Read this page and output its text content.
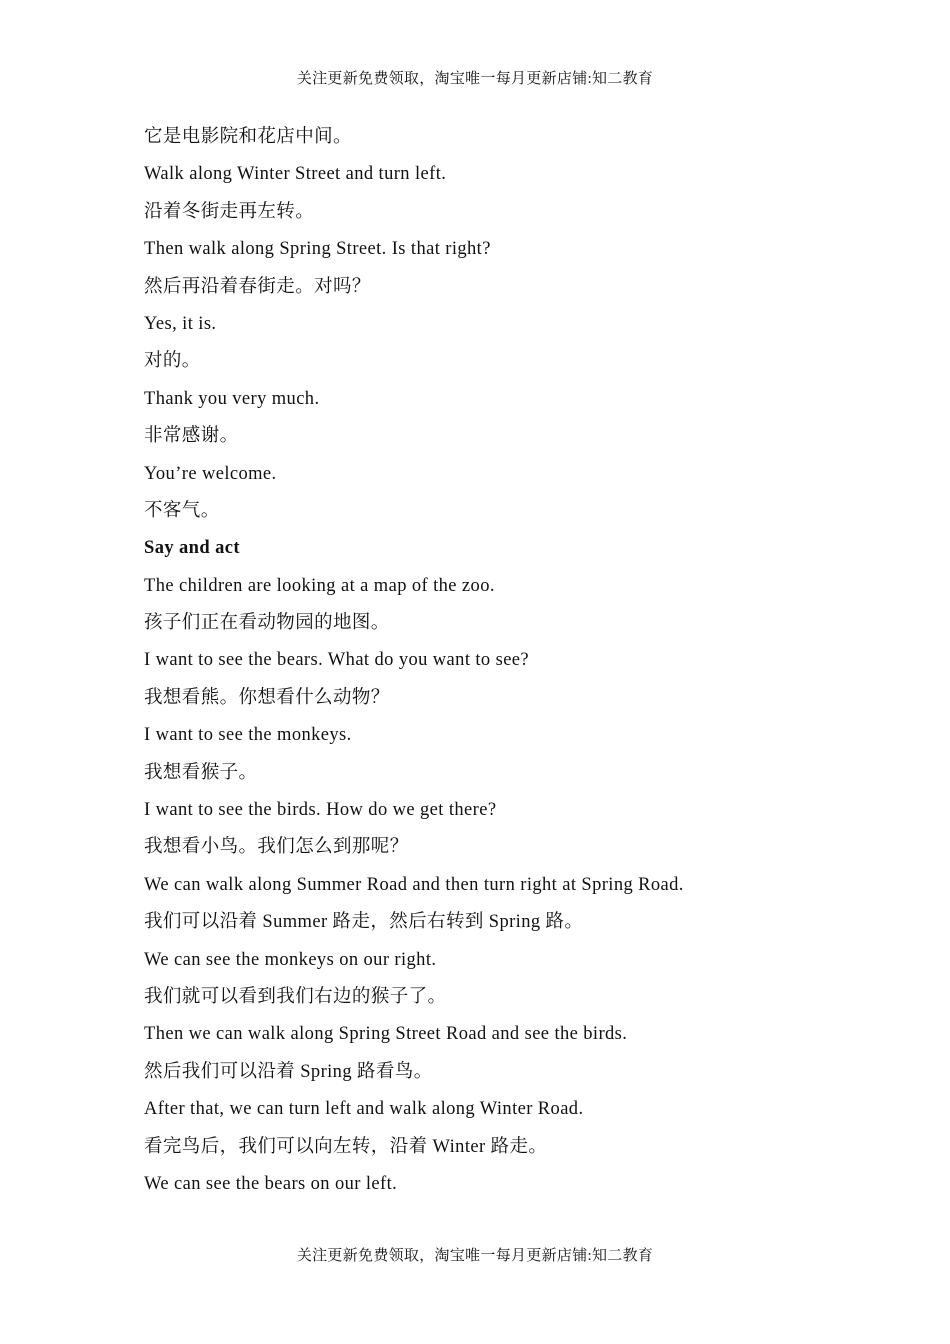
关注更新免费领取，淘宝唯一每月更新店铺:知二教育
它是电影院和花店中间。
Walk along Winter Street and turn left.
沿着冬街走再左转。
Then walk along Spring Street. Is that right?
然后再沿着春街走。对吗？
Yes, it is.
对的。
Thank you very much.
非常感谢。
You’re welcome.
不客气。
Say and act
The children are looking at a map of the zoo.
孩子们正在看动物园的地图。
I want to see the bears. What do you want to see?
我想看熊。你想看什么动物？
I want to see the monkeys.
我想看猴子。
I want to see the birds. How do we get there?
我想看小鸟。我们怎么到那呢？
We can walk along Summer Road and then turn right at Spring Road.
我们可以沿着 Summer 路走，然后右转到 Spring 路。
We can see the monkeys on our right.
我们就可以看到我们右边的猴子了。
Then we can walk along Spring Street Road and see the birds.
然后我们可以沿着 Spring 路看鸟。
After that, we can turn left and walk along Winter Road.
看完鸟后，我们可以向左转，沿着 Winter 路走。
We can see the bears on our left.
关注更新免费领取，淘宝唯一每月更新店铺:知二教育
